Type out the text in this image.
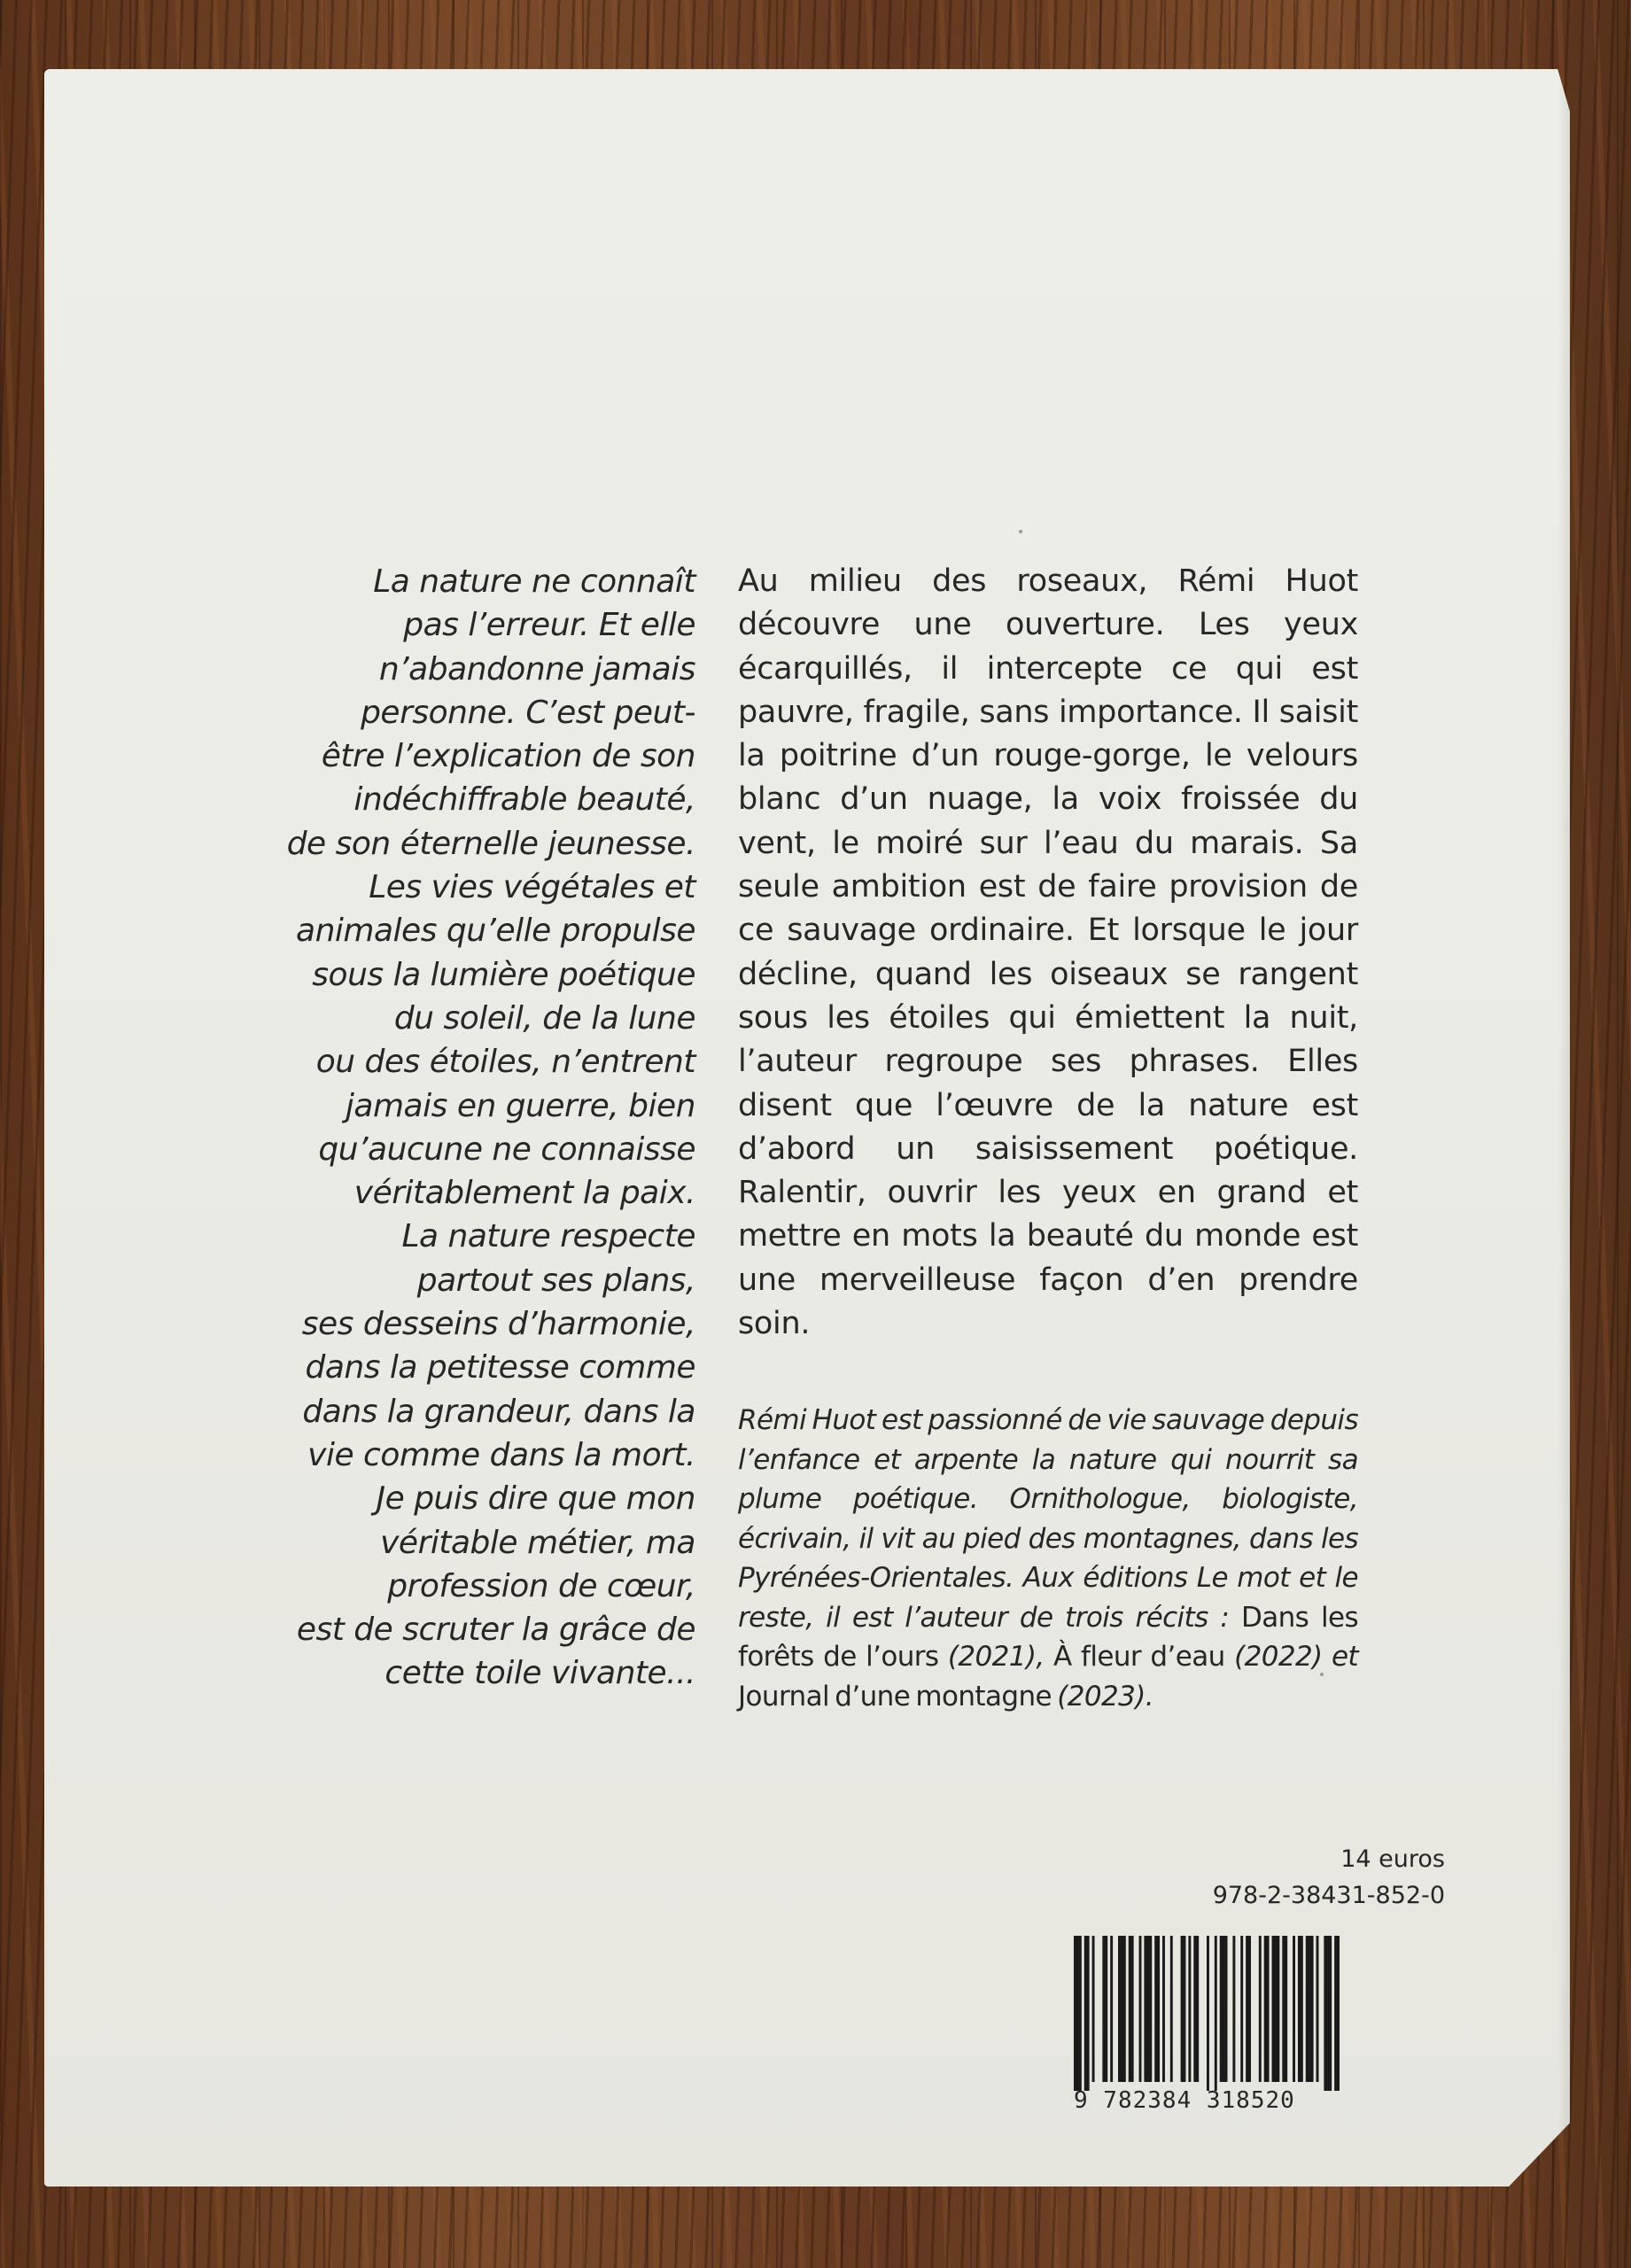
La nature ne connaît
pas l’erreur. Et elle
n’abandonne jamais
personne. C’est peut-
être l’explication de son
indéchiffrable beauté,
de son éternelle jeunesse.
Les vies végétales et
animales qu’elle propulse
sous la lumière poétique
du soleil, de la lune
ou des étoiles, n’entrent
jamais en guerre, bien
qu’aucune ne connaisse
véritablement la paix.
La nature respecte
partout ses plans,
ses desseins d’harmonie,
dans la petitesse comme
dans la grandeur, dans la
vie comme dans la mort.
Je puis dire que mon
véritable métier, ma
profession de cœur,
est de scruter la grâce de
cette toile vivante...

Au milieu des roseaux, Rémi Huot découvre une ouverture. Les yeux écarquillés, il intercepte ce qui est pauvre, fragile, sans importance. Il saisit la poitrine d’un rouge-gorge, le velours blanc d’un nuage, la voix froissée du vent, le moiré sur l’eau du marais. Sa seule ambition est de faire provision de ce sauvage ordinaire. Et lorsque le jour décline, quand les oiseaux se rangent sous les étoiles qui émiettent la nuit, l’auteur regroupe ses phrases. Elles disent que l’œuvre de la nature est d’abord un saisissement poétique. Ralentir, ouvrir les yeux en grand et mettre en mots la beauté du monde est une merveilleuse façon d’en prendre soin.

Rémi Huot est passionné de vie sauvage depuis l’enfance et arpente la nature qui nourrit sa plume poétique. Ornithologue, biologiste, écrivain, il vit au pied des montagnes, dans les Pyrénées-Orientales. Aux éditions Le mot et le reste, il est l’auteur de trois récits : Dans les forêts de l’ours (2021), À fleur d’eau (2022) et Journal d’une montagne (2023).

14 euros
978-2-38431-852-0
9 782384 318520
